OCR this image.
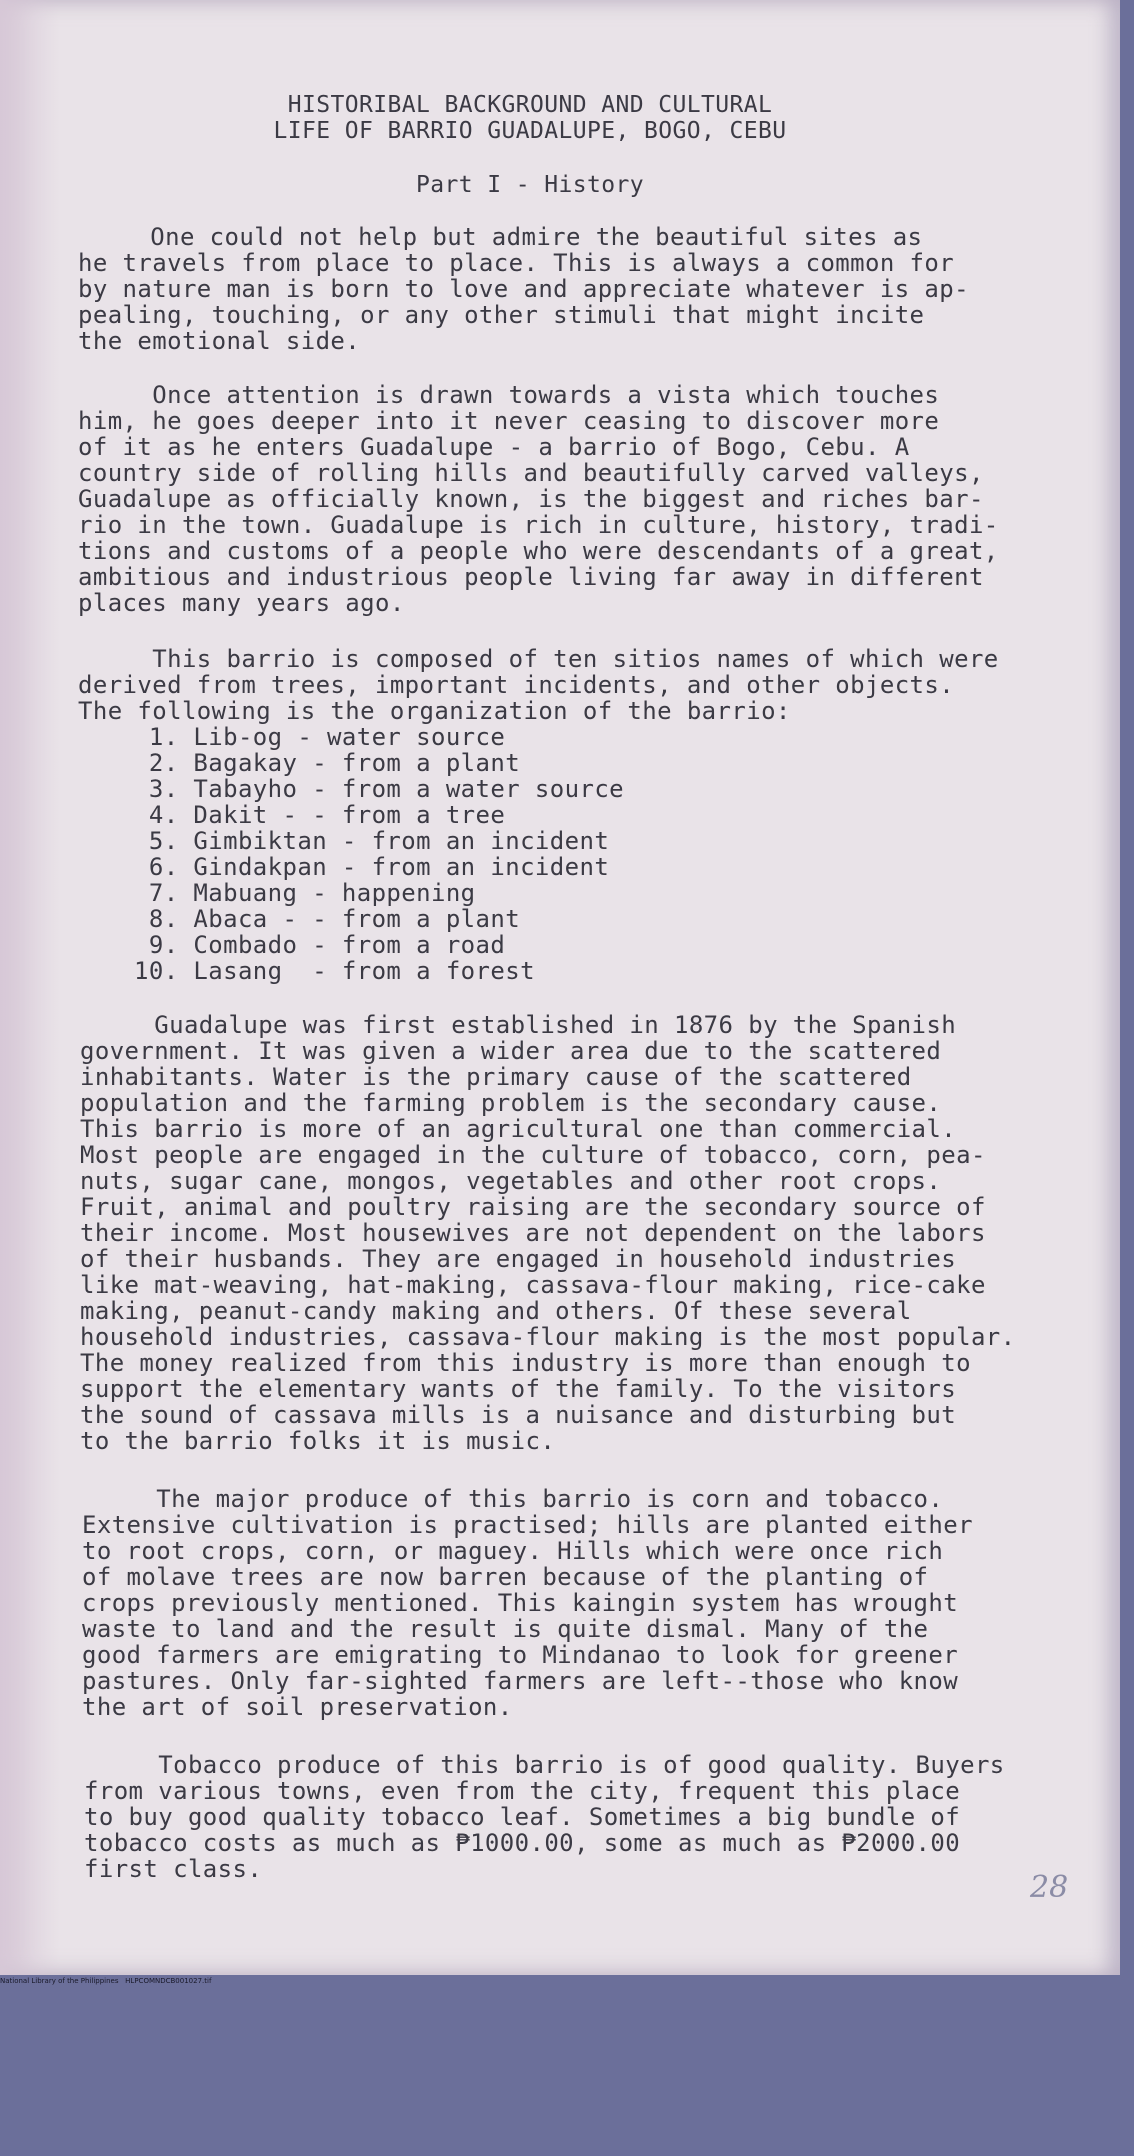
HISTORIBAL BACKGROUND AND CULTURAL

LIFE OF BARRIO GUADALUPE, BOGO, CEBU

Part I - History

One could not help but admire the beautiful sites as

he travels from place to place. This is always a common for

by nature man is born to love and appreciate whatever is ap-

pealing, touching, or any other stimuli that might incite

the emotional side.

Once attention is drawn towards a vista which touches

him, he goes deeper into it never ceasing to discover more

of it as he enters Guadalupe - a barrio of Bogo, Cebu. A

country side of rolling hills and beautifully carved valleys,

Guadalupe as officially known, is the biggest and riches bar-

rio in the town. Guadalupe is rich in culture, history, tradi-

tions and customs of a people who were descendants of a great,

ambitious and industrious people living far away in different

places many years ago.

This barrio is composed of ten sitios names of which were

derived from trees, important incidents, and other objects.

The following is the organization of the barrio:

1. Lib-og - water source

2. Bagakay - from a plant

3. Tabayho - from a water source

4. Dakit - - from a tree

5. Gimbiktan - from an incident

6. Gindakpan - from an incident

7. Mabuang - happening

8. Abaca - - from a plant

9. Combado - from a road

10. Lasang  - from a forest

Guadalupe was first established in 1876 by the Spanish

government. It was given a wider area due to the scattered

inhabitants. Water is the primary cause of the scattered

population and the farming problem is the secondary cause.

This barrio is more of an agricultural one than commercial.

Most people are engaged in the culture of tobacco, corn, pea-

nuts, sugar cane, mongos, vegetables and other root crops.

Fruit, animal and poultry raising are the secondary source of

their income. Most housewives are not dependent on the labors

of their husbands. They are engaged in household industries

like mat-weaving, hat-making, cassava-flour making, rice-cake

making, peanut-candy making and others. Of these several

household industries, cassava-flour making is the most popular.

The money realized from this industry is more than enough to

support the elementary wants of the family. To the visitors

the sound of cassava mills is a nuisance and disturbing but

to the barrio folks it is music.

The major produce of this barrio is corn and tobacco.

Extensive cultivation is practised; hills are planted either

to root crops, corn, or maguey. Hills which were once rich

of molave trees are now barren because of the planting of

crops previously mentioned. This kaingin system has wrought

waste to land and the result is quite dismal. Many of the

good farmers are emigrating to Mindanao to look for greener

pastures. Only far-sighted farmers are left--those who know

the art of soil preservation.

Tobacco produce of this barrio is of good quality. Buyers

from various towns, even from the city, frequent this place

to buy good quality tobacco leaf. Sometimes a big bundle of

tobacco costs as much as ₱1000.00, some as much as ₱2000.00

first class.

28
National Library of the Philippines   HLPCOMNDCB001027.tif
